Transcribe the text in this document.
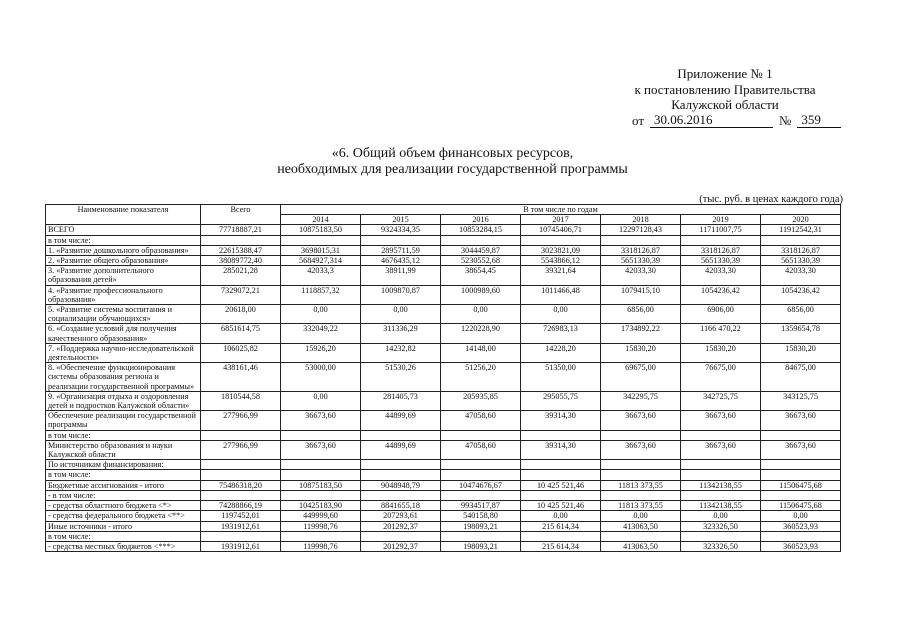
Приложение № 1
к постановлению Правительства
Калужской области
от 30.06.2016	№ 359
«6. Общий объем финансовых ресурсов,
необходимых для реализации государственной программы
(тыс. руб. в ценах каждого года)
Наименование показателя	Всего	В том числе по годам						
		2014	2015	2016	2017	2018	2019	2020
ВСЕГО	77718887,21	10875183,50	9324334,35	10853284,15	10745406,71	12297128,43	11711007,75	11912542,31
в том числе:								
1. «Развитие дошкольного образования»	22615388,47	3698015,31	2895711,59	3044459,87	3023821,09	3318126,87	3318126,87	3318126,87
2. «Развитие общего образования»	38089772,40	5684927,314	4676435,12	5230552,68	5543866,12	5651330,39	5651330,39	5651330,39
3. «Развитие дополнительного образования детей»	285021,28	42033,3	38911,99	38654,45	39321,64	42033,30	42033,30	42033,30
4. «Развитие профессионального образования»	7329072,21	1118857,32	1009870,87	1000989,60	1011466,48	1079415,10	1054236,42	1054236,42
5. «Развитие системы воспитания и социализации обучающихся»	20618,00	0,00	0,00	0,00	0,00	6856,00	6906,00	6856,00
6. «Создание условий для получения качественного образования»	6851614,75	332049,22	311336,29	1220228,90	726983,13	1734892,22	1166 470,22	1359654,78
7. «Поддержка научно-исследовательской деятельности»	106025,82	15926,20	14232,82	14148,00	14228,20	15830,20	15830,20	15830,20
8. «Обеспечение функционирования системы образования региона и реализации государственной программы»	438161,46	53000,00	51530,26	51256,20	51350,00	69675,00	76675,00	84675,00
9. «Организация отдыха и оздоровления детей и подростков Калужской области»	1810544,58	0,00	281405,73	205935,85	295055,75	342295,75	342725,75	343125,75
Обеспечение реализации государственной программы	277966,99	36673,60	44899,69	47058,60	39314,30	36673,60	36673,60	36673,60
в том числе:								
Министерство образования и науки Калужской области	277966,99	36673,60	44899,69	47058,60	39314,30	36673,60	36673,60	36673,60
По источникам финансирования:								
в том числе:								
Бюджетные ассигнования - итого	75486318,20	10875183,50	9048948,79	10474676,67	10 425 521,46	11813 373,55	11342138,55	11506475,68
- в том числе:								
- средства областного бюджета <*>	74288866,19	10425183,90	8841655,18	9934517,87	10 425 521,46	11813 373,55	11342138,55	11506475,68
- средства федерального бюджета <**>	1197452,01	449999,60	207293,61	540158,80	0,00	0,00	0,00	0,00
Иные источники - итого	1931912,61	119998,76	201292,37	198093,21	215 614,34	413063,50	323326,50	360523,93
в том числе:								
- средства местных бюджетов <***>	1931912,61	119998,76	201292,37	198093,21	215 614,34	413063,50	323326,50	360523,93
